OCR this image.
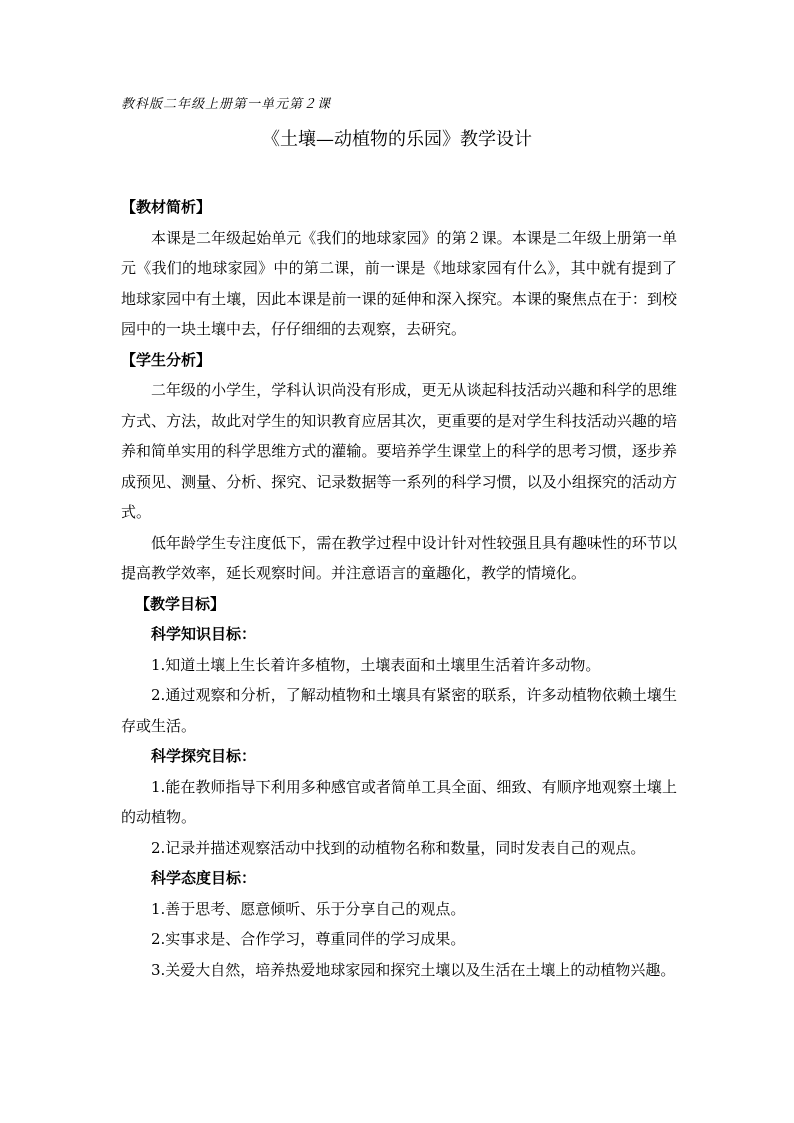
教科版二年级上册第一单元第２课
《土壤—动植物的乐园》教学设计

【教材简析】

本课是二年级起始单元《我们的地球家园》的第２课。本课是二年级上册第一单元《我们的地球家园》中的第二课，前一课是《地球家园有什么》，其中就有提到了地球家园中有土壤，因此本课是前一课的延伸和深入探究。本课的聚焦点在于：到校园中的一块土壤中去，仔仔细细的去观察，去研究。

【学生分析】

二年级的小学生，学科认识尚没有形成，更无从谈起科技活动兴趣和科学的思维方式、方法，故此对学生的知识教育应居其次，更重要的是对学生科技活动兴趣的培养和简单实用的科学思维方式的灌输。要培养学生课堂上的科学的思考习惯，逐步养成预见、测量、分析、探究、记录数据等一系列的科学习惯，以及小组探究的活动方式。

低年龄学生专注度低下，需在教学过程中设计针对性较强且具有趣味性的环节以提高教学效率，延长观察时间。并注意语言的童趣化，教学的情境化。

【教学目标】

科学知识目标：

1.知道土壤上生长着许多植物，土壤表面和土壤里生活着许多动物。

2.通过观察和分析，了解动植物和土壤具有紧密的联系，许多动植物依赖土壤生存或生活。

科学探究目标：

1.能在教师指导下利用多种感官或者简单工具全面、细致、有顺序地观察土壤上的动植物。

2.记录并描述观察活动中找到的动植物名称和数量，同时发表自己的观点。

科学态度目标：

1.善于思考、愿意倾听、乐于分享自己的观点。

2.实事求是、合作学习，尊重同伴的学习成果。

3.关爱大自然，培养热爱地球家园和探究土壤以及生活在土壤上的动植物兴趣。
